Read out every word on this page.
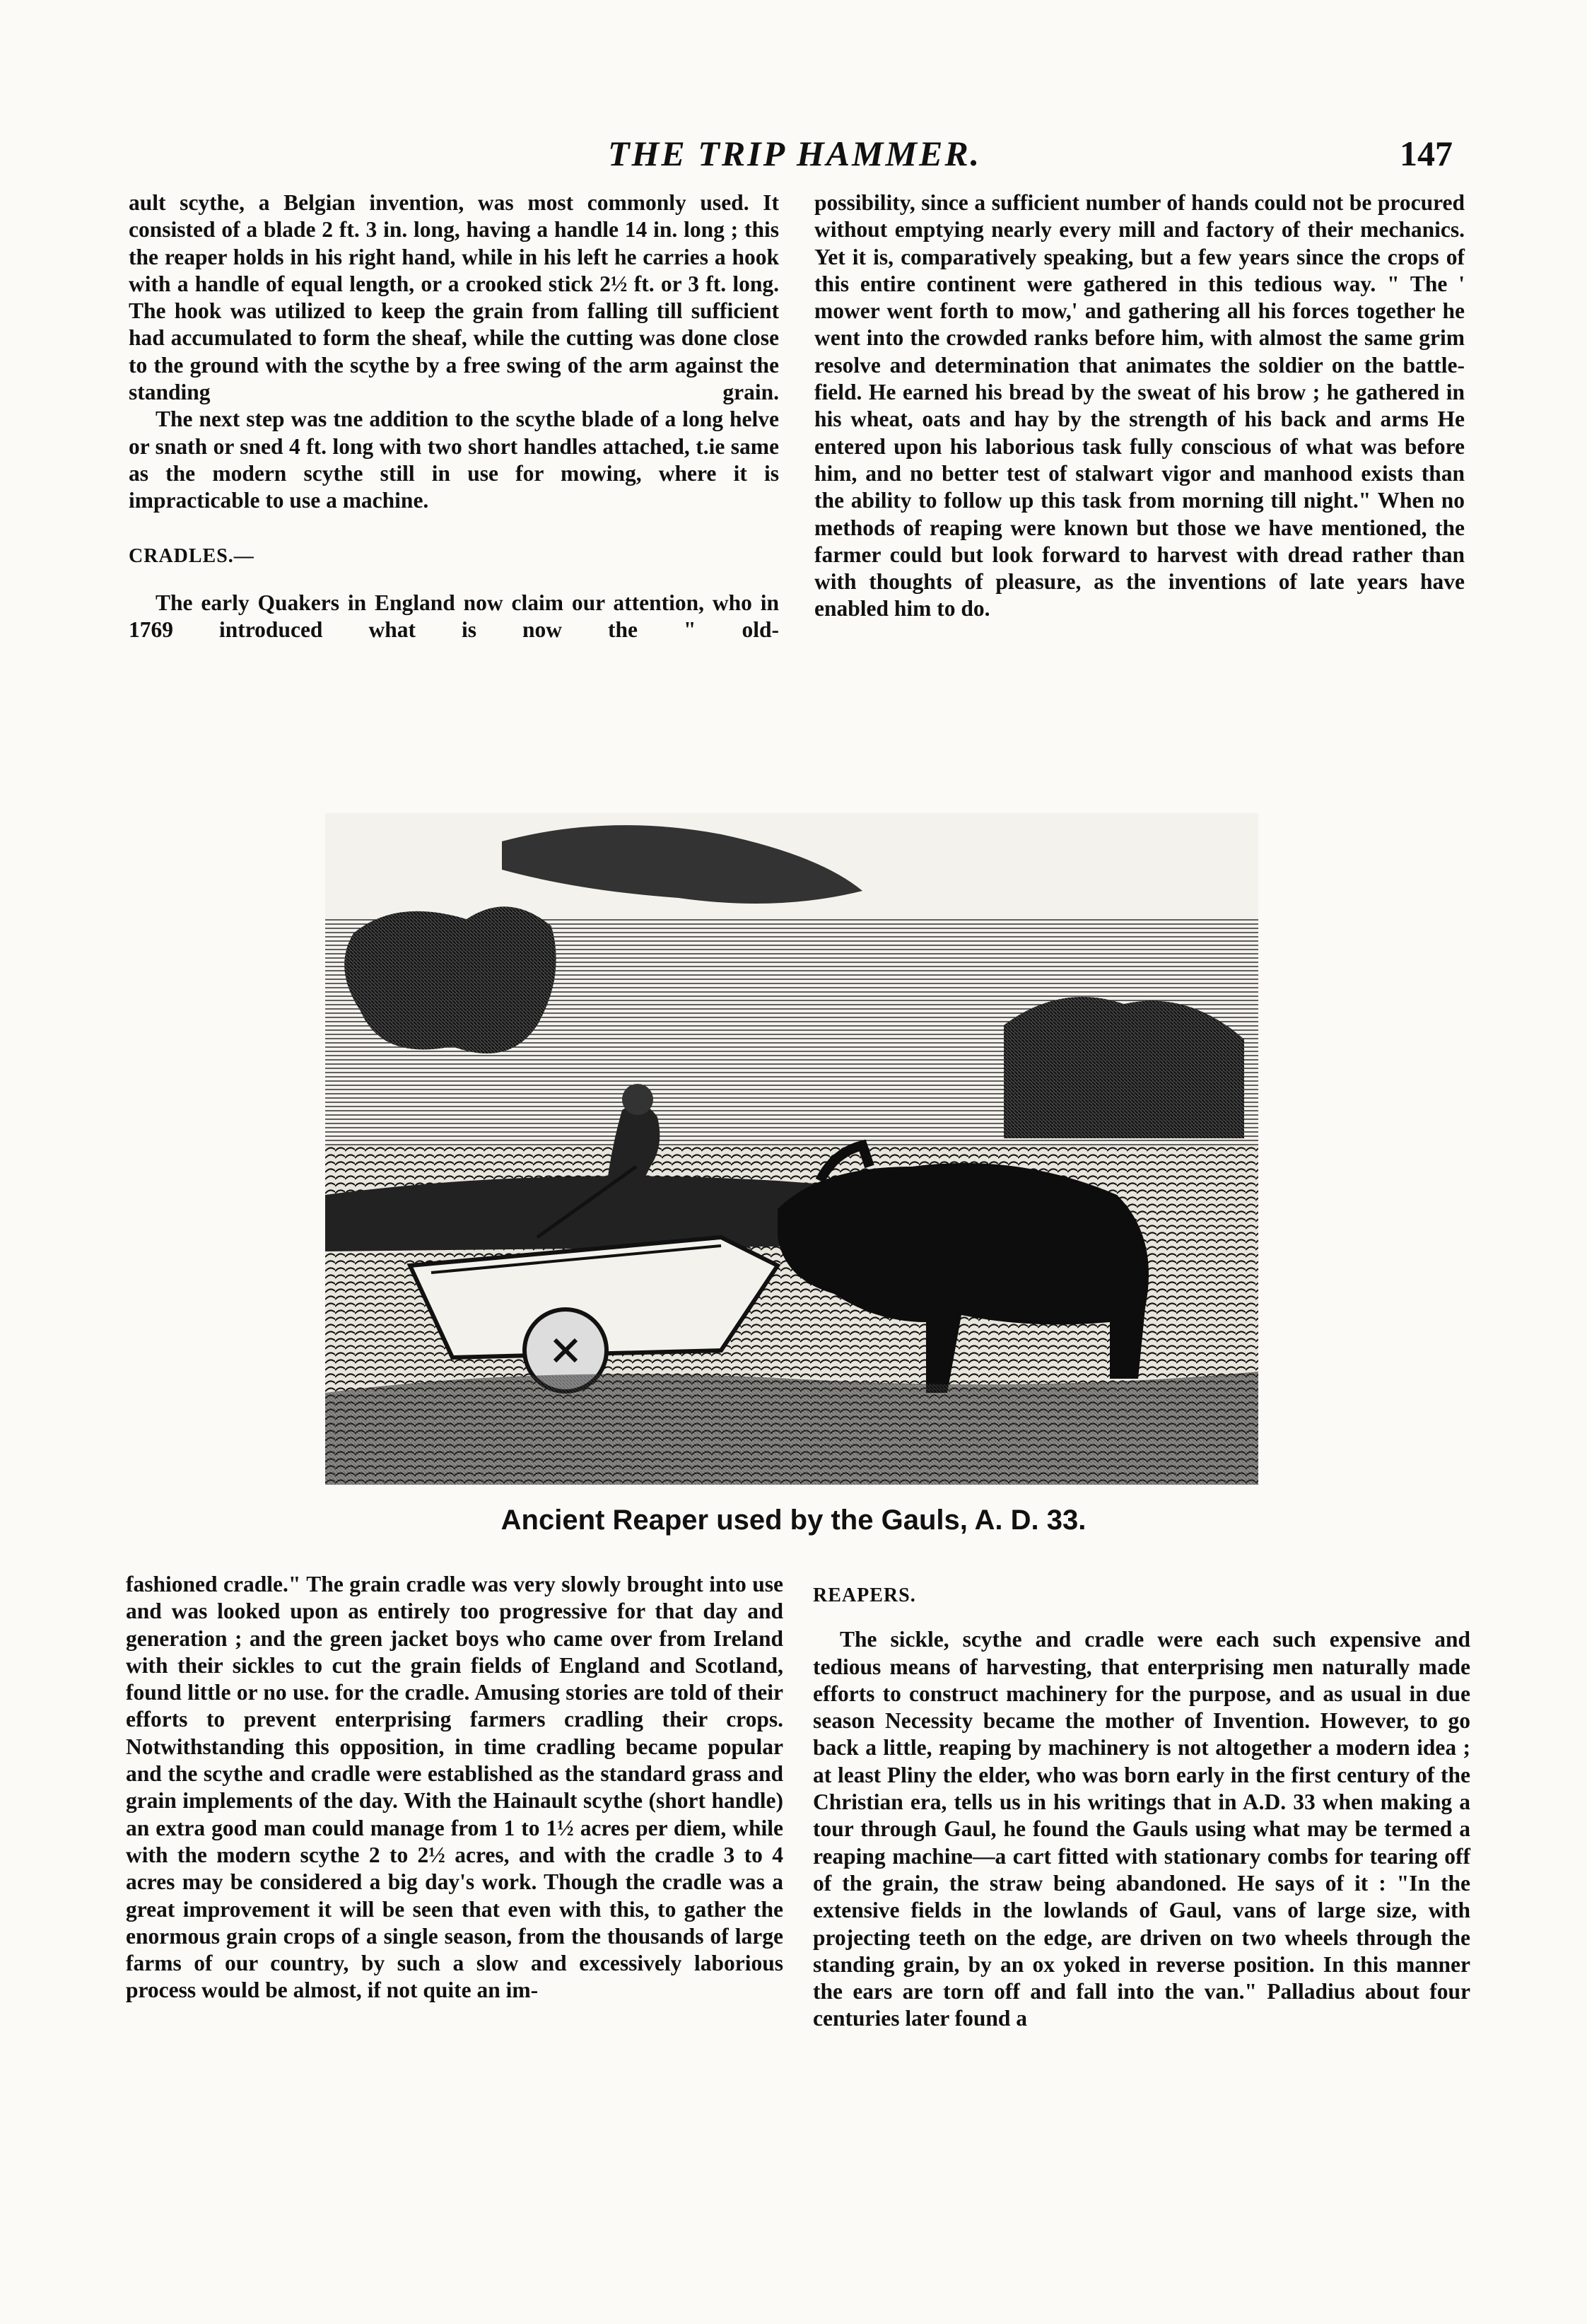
THE TRIP HAMMER.	147

ault scythe, a Belgian invention, was most commonly used. It consisted of a blade 2 ft. 3 in. long, having a handle 14 in. long ; this the reaper holds in his right hand, while in his left he carries a hook with a handle of equal length, or a crooked stick 2½ ft. or 3 ft. long. The hook was utilized to keep the grain from falling till sufficient had accumulated to form the sheaf, while the cutting was done close to the ground with the scythe by a free swing of the arm against the standing grain.

The next step was tne addition to the scythe blade of a long helve or snath or sned 4 ft. long with two short handles attached, t.ie same as the modern scythe still in use for mowing, where it is impracticable to use a machine.

CRADLES.—

The early Quakers in England now claim our attention, who in 1769 introduced what is now the " old-

possibility, since a sufficient number of hands could not be procured without emptying nearly every mill and factory of their mechanics. Yet it is, comparatively speaking, but a few years since the crops of this entire continent were gathered in this tedious way. " The ' mower went forth to mow,' and gathering all his forces together he went into the crowded ranks before him, with almost the same grim resolve and determination that animates the soldier on the battle-field. He earned his bread by the sweat of his brow ; he gathered in his wheat, oats and hay by the strength of his back and arms He entered upon his laborious task fully conscious of what was before him, and no better test of stalwart vigor and manhood exists than the ability to follow up this task from morning till night." When no methods of reaping were known but those we have mentioned, the farmer could but look forward to harvest with dread rather than with thoughts of pleasure, as the inventions of late years have enabled him to do.

Ancient Reaper used by the Gauls, A. D. 33.

fashioned cradle." The grain cradle was very slowly brought into use and was looked upon as entirely too progressive for that day and generation ; and the green jacket boys who came over from Ireland with their sickles to cut the grain fields of England and Scotland, found little or no use. for the cradle. Amusing stories are told of their efforts to prevent enterprising farmers cradling their crops. Notwithstanding this opposition, in time cradling became popular and the scythe and cradle were established as the standard grass and grain implements of the day. With the Hainault scythe (short handle) an extra good man could manage from 1 to 1½ acres per diem, while with the modern scythe 2 to 2½ acres, and with the cradle 3 to 4 acres may be considered a big day's work. Though the cradle was a great improvement it will be seen that even with this, to gather the enormous grain crops of a single season, from the thousands of large farms of our country, by such a slow and excessively laborious process would be almost, if not quite an im-

REAPERS.

The sickle, scythe and cradle were each such expensive and tedious means of harvesting, that enterprising men naturally made efforts to construct machinery for the purpose, and as usual in due season Necessity became the mother of Invention. However, to go back a little, reaping by machinery is not altogether a modern idea ; at least Pliny the elder, who was born early in the first century of the Christian era, tells us in his writings that in A.D. 33 when making a tour through Gaul, he found the Gauls using what may be termed a reaping machine—a cart fitted with stationary combs for tearing off of the grain, the straw being abandoned. He says of it : "In the extensive fields in the lowlands of Gaul, vans of large size, with projecting teeth on the edge, are driven on two wheels through the standing grain, by an ox yoked in reverse position. In this manner the ears are torn off and fall into the van." Palladius about four centuries later found a
